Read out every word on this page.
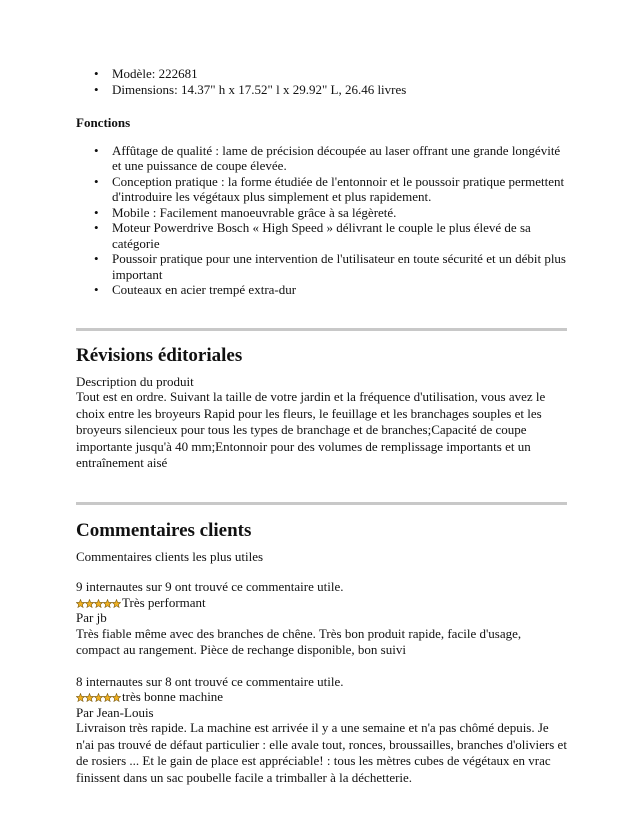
• Modèle: 222681
• Dimensions: 14.37" h x 17.52" l x 29.92" L, 26.46 livres
Fonctions
• Affûtage de qualité : lame de précision découpée au laser offrant une grande longévité et une puissance de coupe élevée.
• Conception pratique : la forme étudiée de l'entonnoir et le poussoir pratique permettent d'introduire les végétaux plus simplement et plus rapidement.
• Mobile : Facilement manoeuvrable grâce à sa légèreté.
• Moteur Powerdrive Bosch « High Speed » délivrant le couple le plus élevé de sa catégorie
• Poussoir pratique pour une intervention de l'utilisateur en toute sécurité et un débit plus important
• Couteaux en acier trempé extra-dur
Révisions éditoriales

Description du produit

Tout est en ordre. Suivant la taille de votre jardin et la fréquence d'utilisation, vous avez le choix entre les broyeurs Rapid pour les fleurs, le feuillage et les branchages souples et les broyeurs silencieux pour tous les types de branchage et de branches;Capacité de coupe importante jusqu'à 40 mm;Entonnoir pour des volumes de remplissage importants et un entraînement aisé

Commentaires clients

Commentaires clients les plus utiles

9 internautes sur 9 ont trouvé ce commentaire utile.

Très performant

Par jb

Très fiable même avec des branches de chêne. Très bon produit rapide, facile d'usage, compact au rangement. Pièce de rechange disponible, bon suivi

8 internautes sur 8 ont trouvé ce commentaire utile.

très bonne machine

Par Jean-Louis

Livraison très rapide. La machine est arrivée il y a une semaine et n'a pas chômé depuis. Je n'ai pas trouvé de défaut particulier : elle avale tout, ronces, broussailles, branches d'oliviers et de rosiers ... Et le gain de place est appréciable! : tous les mètres cubes de végétaux en vrac finissent dans un sac poubelle facile a trimballer à la déchetterie.
